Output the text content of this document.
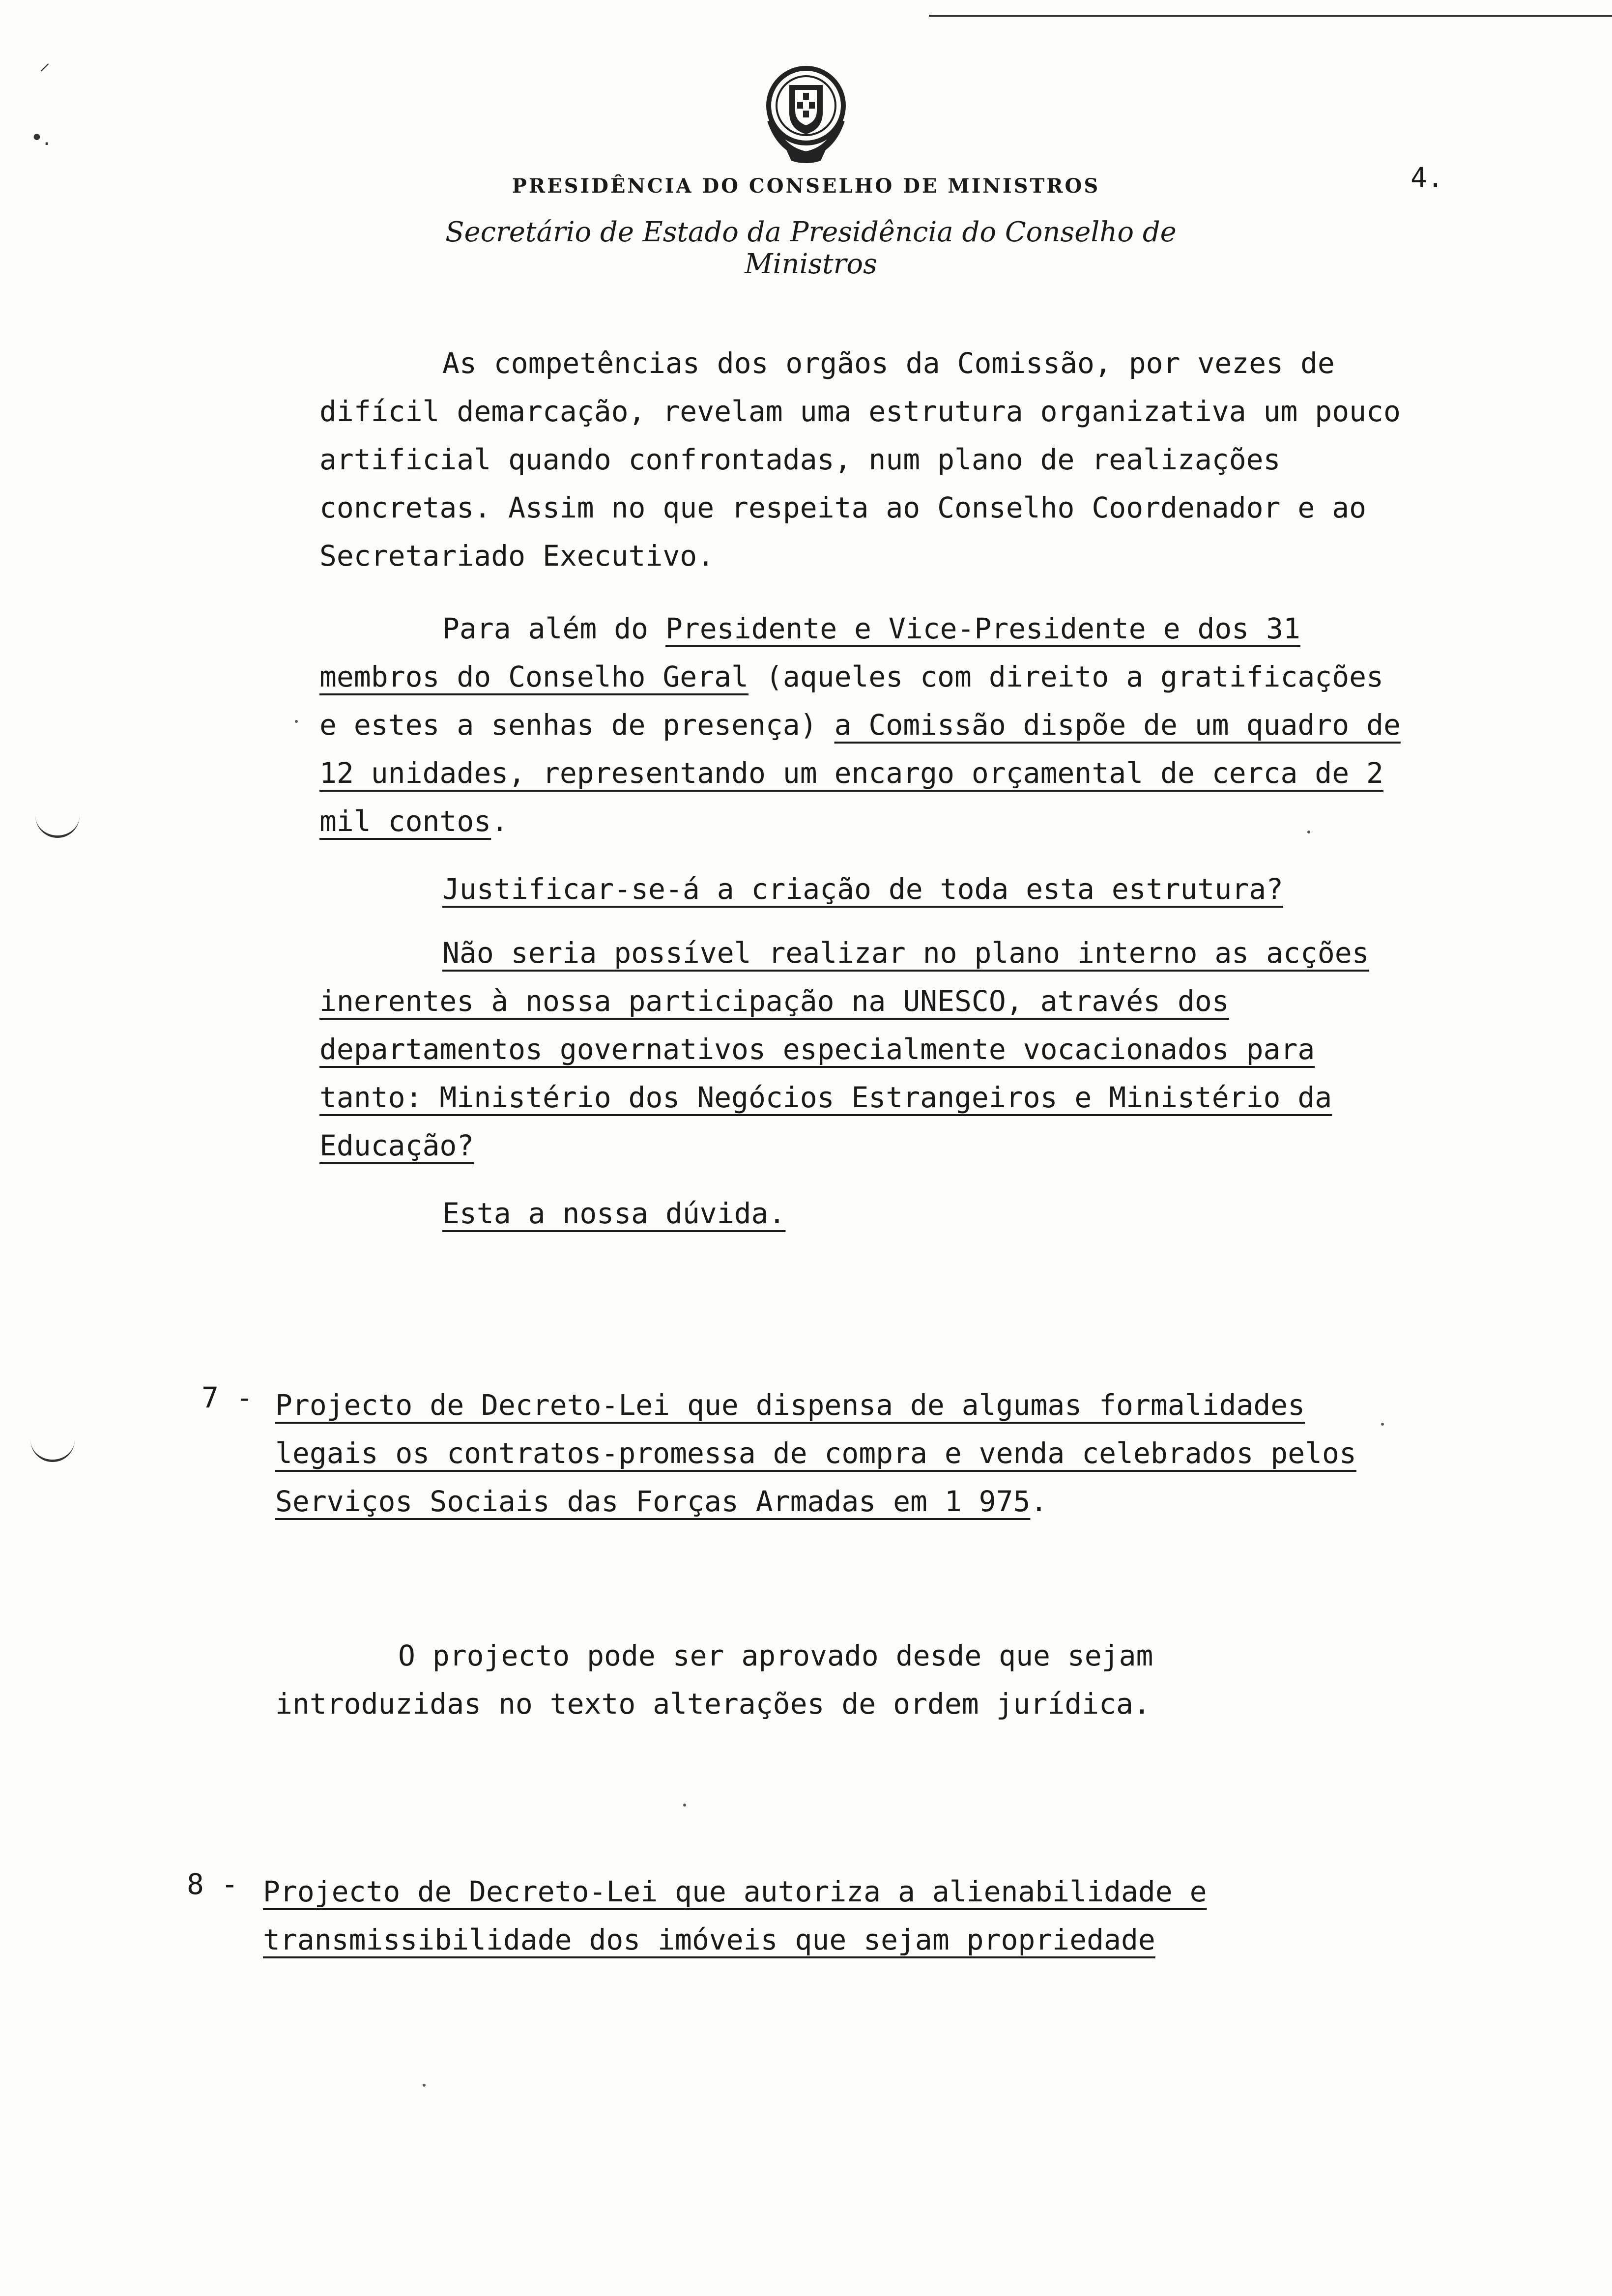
⸝
•.
PRESIDÊNCIA DO CONSELHO DE MINISTROS
Secretário de Estado da Presidência do Conselho de Ministros
4.

As competências dos orgãos da Comissão, por vezes de difícil demarcação, revelam uma estrutura organizativa um pouco artificial quando confrontadas, num plano de realizações concretas. Assim no que respeita ao Conselho Coordenador e ao Secretariado Executivo.

Para além do Presidente e Vice-Presidente e dos 31 membros do Conselho Geral (aqueles com direito a gratificações e estes a senhas de presença) a Comissão dispõe de um quadro de 12 unidades, representando um encargo orçamental de cerca de 2 mil contos.

Justificar-se-á a criação de toda esta estrutura?

Não seria possível realizar no plano interno as acções inerentes à nossa participação na UNESCO, através dos departamentos governativos especialmente vocacionados para tanto: Ministério dos Negócios Estrangeiros e Ministério da Educação?

Esta a nossa dúvida.

7 - Projecto de Decreto-Lei que dispensa de algumas formalidades legais os contratos-promessa de compra e venda celebrados pelos Serviços Sociais das Forças Armadas em 1 975.

O projecto pode ser aprovado desde que sejam introduzidas no texto alterações de ordem jurídica.

8 - Projecto de Decreto-Lei que autoriza a alienabilidade e transmissibilidade dos imóveis que sejam propriedade
